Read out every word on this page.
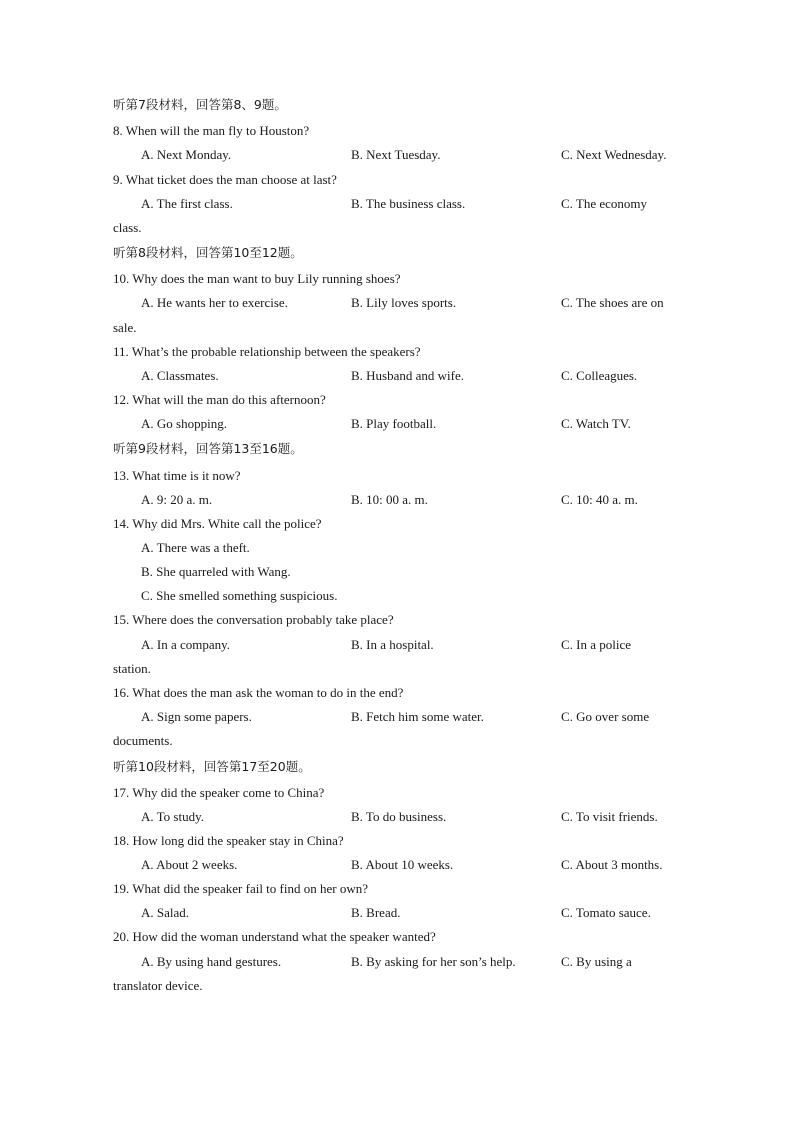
听第7段材料，回答第8、9题。
8. When will the man fly to Houston?
A. Next Monday.	B. Next Tuesday.	C. Next Wednesday.
9. What ticket does the man choose at last?
A. The first class.	B. The business class.	C. The economy
class.
听第8段材料，回答第10至12题。
10. Why does the man want to buy Lily running shoes?
A. He wants her to exercise.	B. Lily loves sports.	C. The shoes are on
sale.
11. What’s the probable relationship between the speakers?
A. Classmates.	B. Husband and wife.	C. Colleagues.
12. What will the man do this afternoon?
A. Go shopping.	B. Play football.	C. Watch TV.
听第9段材料，回答第13至16题。
13. What time is it now?
A. 9: 20 a. m.	B. 10: 00 a. m.	C. 10: 40 a. m.
14. Why did Mrs. White call the police?
A. There was a theft.
B. She quarreled with Wang.
C. She smelled something suspicious.
15. Where does the conversation probably take place?
A. In a company.	B. In a hospital.	C. In a police
station.
16. What does the man ask the woman to do in the end?
A. Sign some papers.	B. Fetch him some water.	C. Go over some
documents.
听第10段材料，回答第17至20题。
17. Why did the speaker come to China?
A. To study.	B. To do business.	C. To visit friends.
18. How long did the speaker stay in China?
A. About 2 weeks.	B. About 10 weeks.	C. About 3 months.
19. What did the speaker fail to find on her own?
A. Salad.	B. Bread.	C. Tomato sauce.
20. How did the woman understand what the speaker wanted?
A. By using hand gestures.	B. By asking for her son’s help.	C. By using a
translator device.
